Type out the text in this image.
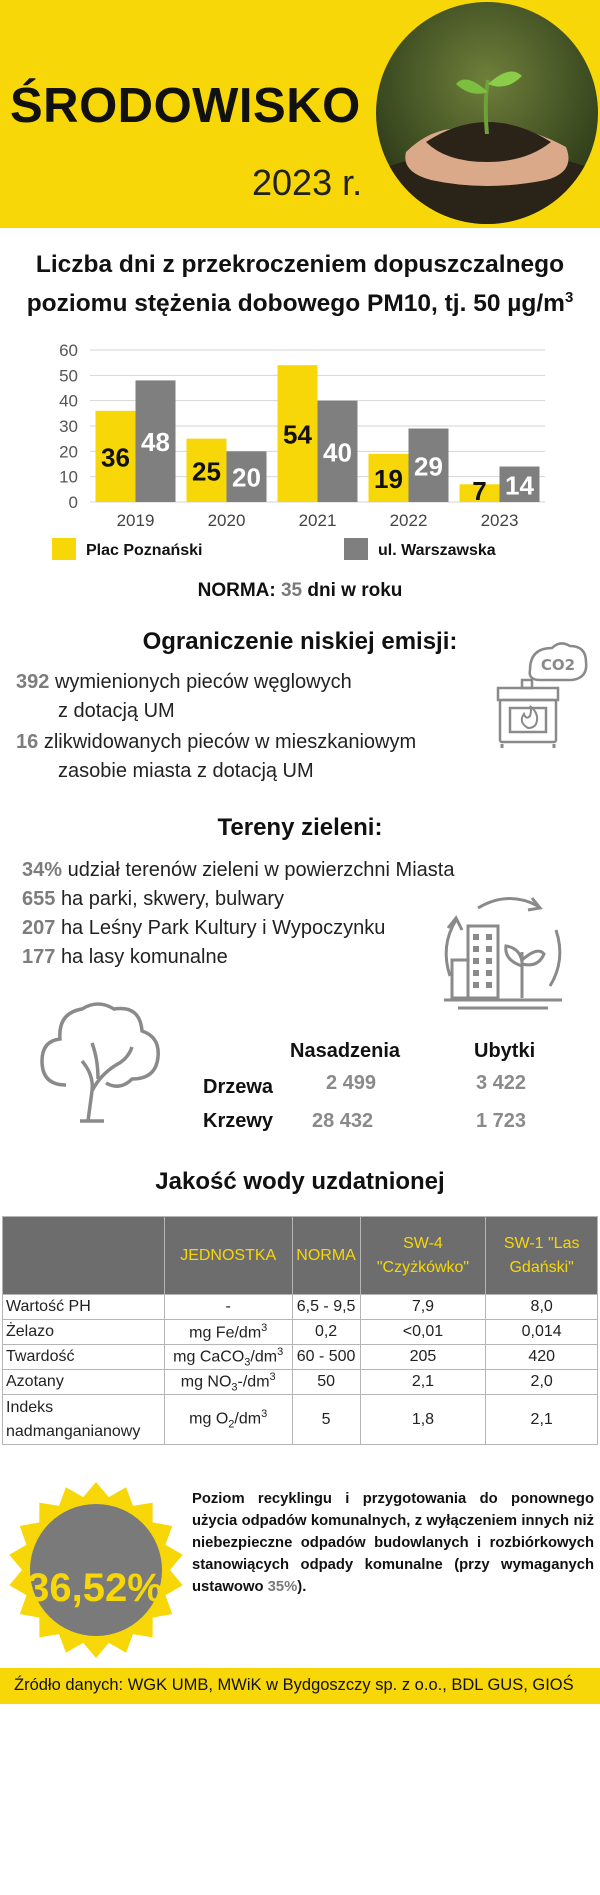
ŚRODOWISKO
2023 r.
Liczba dni z przekroczeniem dopuszczalnego
poziomu stężenia dobowego PM10, tj. 50 $\mu g/m^3$
0
10
20
30
40
50
60
36
48
2019
25 20
2020
54
40
2021
19 29
2022
7 14
2023
Plac Poznański	ul. Warszawska
NORMA: 35 dni w roku
Ograniczenie niskiej emisji:
392 wymienionych pieców węglowych
z dotacją UM
16 zlikwidowanych pieców w mieszkaniowym
zasobie miasta z dotacją UM
CO2
Tereny zieleni:
34% udział terenów zieleni w powierzchni Miasta
655 ha parki, skwery, bulwary
207 ha Leśny Park Kultury i Wypoczynku
177 ha lasy komunalne
Nasadzenia	Ubytki
Drzewa	2 499	3 422
Krzewy 28 432	1 723
Jakość wody uzdatnionej
	JEDNOSTKA	NORMA	SW-4 "Czyżkówko"	SW-1 "Las Gdański"
Wartość PH	-	6,5 - 9,5	7,9	8,0
Żelazo	mg $Fe/dm^3$	0,2	<0,01	0,014
Twardość	mg $CaCO_3/dm^3$	60 - 500	205	420
Azotany	mg $NO_3-/dm^3$	50	2,1	2,0
Indeks nadmanganianowy	mg $O_2/dm^3$	5	1,8	2,1
36,52%
Poziom recyklingu i przygotowania do ponownego użycia odpadów komunalnych, z wyłączeniem innych niż niebezpieczne odpadów budowlanych i rozbiórkowych stanowiących odpady komunalne (przy wymaganych ustawowo 35%).
Źródło danych: WGK UMB, MWiK w Bydgoszczy sp. z o.o., BDL GUS, GIOŚ
